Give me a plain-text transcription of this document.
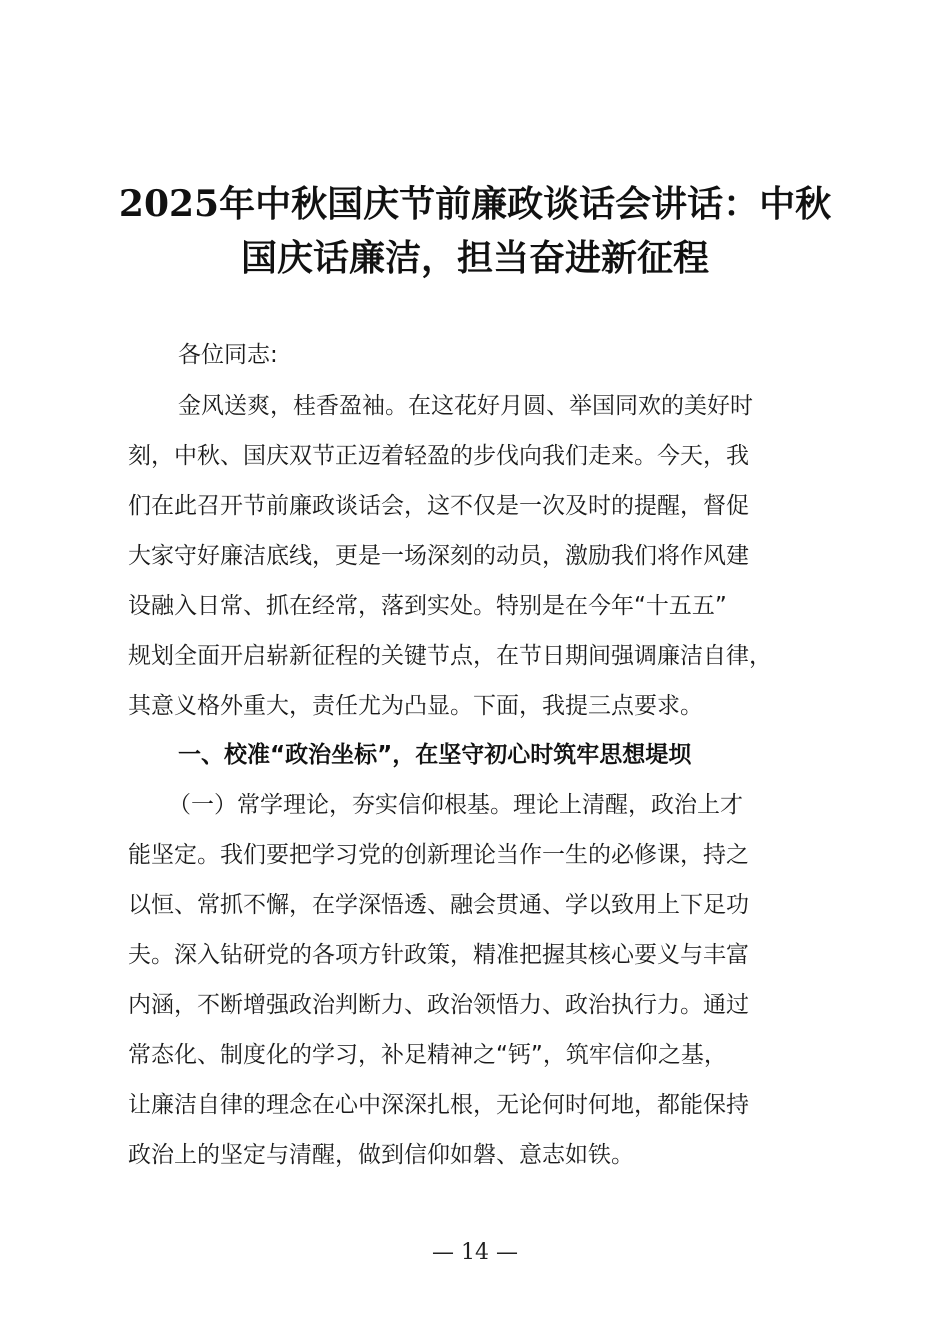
2025年中秋国庆节前廉政谈话会讲话：中秋
国庆话廉洁，担当奋进新征程
各位同志:
金风送爽，桂香盈袖。在这花好月圆、举国同欢的美好时
刻，中秋、国庆双节正迈着轻盈的步伐向我们走来。今天，我
们在此召开节前廉政谈话会，这不仅是一次及时的提醒，督促
大家守好廉洁底线，更是一场深刻的动员，激励我们将作风建
设融入日常、抓在经常，落到实处。特别是在今年“十五五”
规划全面开启崭新征程的关键节点，在节日期间强调廉洁自律，
其意义格外重大，责任尤为凸显。下面，我提三点要求。
一、校准“政治坐标”，在坚守初心时筑牢思想堤坝
（一）常学理论，夯实信仰根基。理论上清醒，政治上才
能坚定。我们要把学习党的创新理论当作一生的必修课，持之
以恒、常抓不懈，在学深悟透、融会贯通、学以致用上下足功
夫。深入钻研党的各项方针政策，精准把握其核心要义与丰富
内涵，不断增强政治判断力、政治领悟力、政治执行力。通过
常态化、制度化的学习，补足精神之“钙”，筑牢信仰之基，
让廉洁自律的理念在心中深深扎根，无论何时何地，都能保持
政治上的坚定与清醒，做到信仰如磐、意志如铁。
— 14 —
